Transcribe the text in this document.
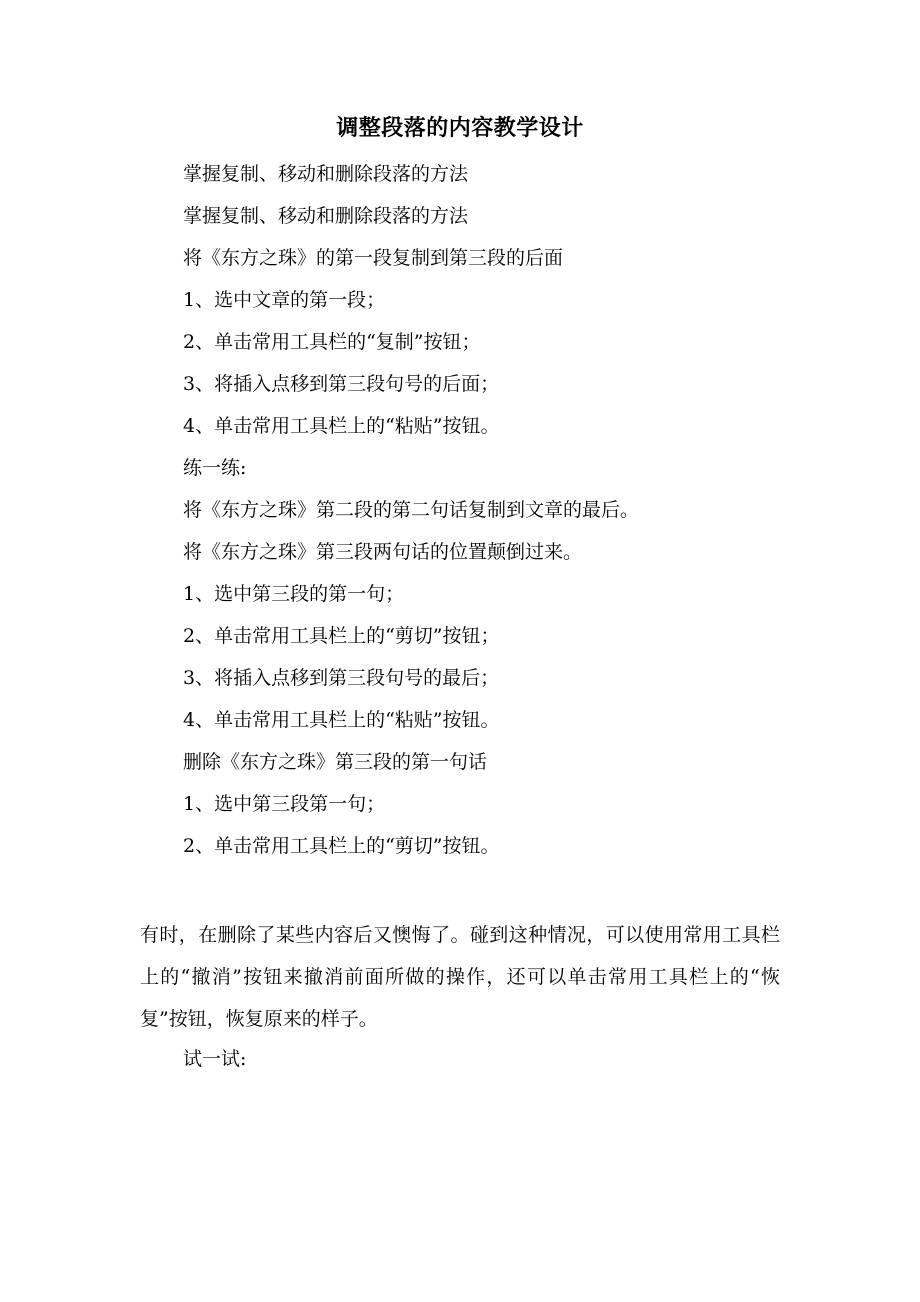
调整段落的内容教学设计
掌握复制、移动和删除段落的方法
掌握复制、移动和删除段落的方法
将《东方之珠》的第一段复制到第三段的后面
1、选中文章的第一段；
2、单击常用工具栏的“复制”按钮；
3、将插入点移到第三段句号的后面；
4、单击常用工具栏上的“粘贴”按钮。
练一练:
将《东方之珠》第二段的第二句话复制到文章的最后。
将《东方之珠》第三段两句话的位置颠倒过来。
1、选中第三段的第一句；
2、单击常用工具栏上的“剪切”按钮；
3、将插入点移到第三段句号的最后；
4、单击常用工具栏上的“粘贴”按钮。
删除《东方之珠》第三段的第一句话
1、选中第三段第一句；
2、单击常用工具栏上的“剪切”按钮。

有时，在删除了某些内容后又懊悔了。碰到这种情况，可以使用常用工具栏上的“撤消”按钮来撤消前面所做的操作，还可以单击常用工具栏上的“恢复”按钮，恢复原来的样子。

试一试:
